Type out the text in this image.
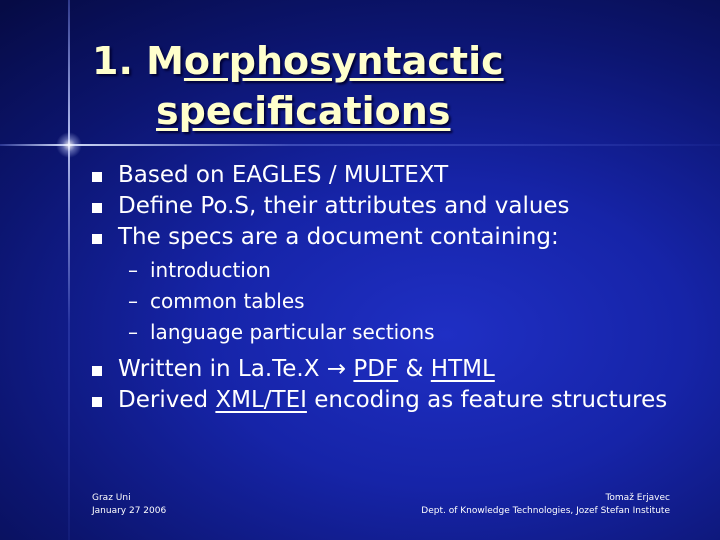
1. Morphosyntactic
specifications
Based on EAGLES / MULTEXT
Define Po.S, their attributes and values
The specs are a document containing:
– introduction
– common tables
– language particular sections
Written in La.Te.X → PDF & HTML
Derived XML/TEI encoding as feature structures
Graz Uni
January 27 2006
Tomaž Erjavec
Dept. of Knowledge Technologies, Jozef Stefan Institute
